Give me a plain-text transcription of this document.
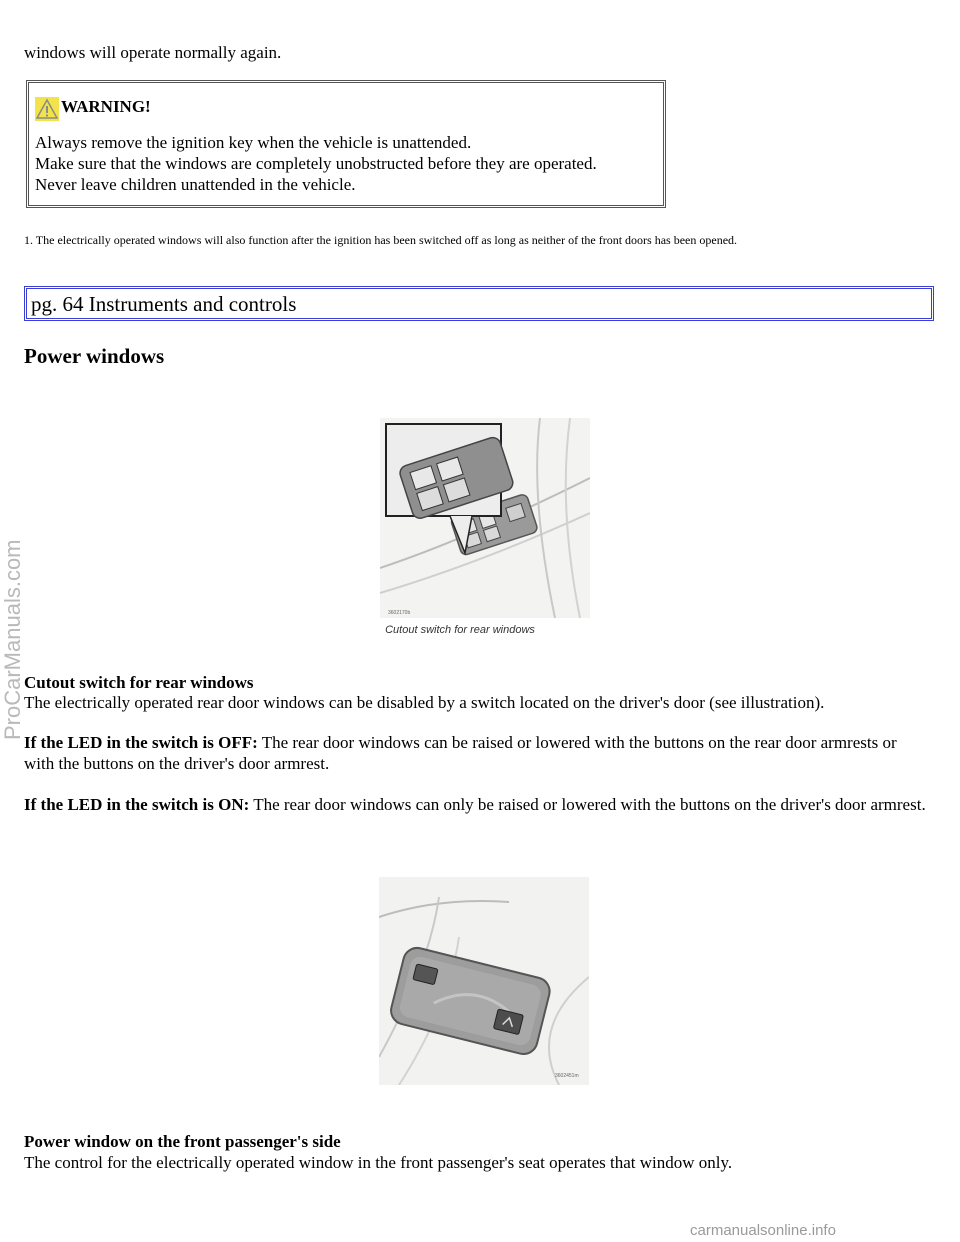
windows will operate normally again.

WARNING!

Always remove the ignition key when the vehicle is unattended.

Make sure that the windows are completely unobstructed before they are operated.

Never leave children unattended in the vehicle.

1. The electrically operated windows will also function after the ignition has been switched off as long as neither of the front doors has been opened.

pg. 64 Instruments and controls
Power windows
3602170b
Cutout switch for rear windows

Cutout switch for rear windows

The electrically operated rear door windows can be disabled by a switch located on the driver's door (see illustration).

If the LED in the switch is OFF: The rear door windows can be raised or lowered with the buttons on the rear door armrests or with the buttons on the driver's door armrest.

If the LED in the switch is ON: The rear door windows can only be raised or lowered with the buttons on the driver's door armrest.

3602451m

Power window on the front passenger's side

The control for the electrically operated window in the front passenger's seat operates that window only.

ProCarManuals.com
carmanualsonline.info
